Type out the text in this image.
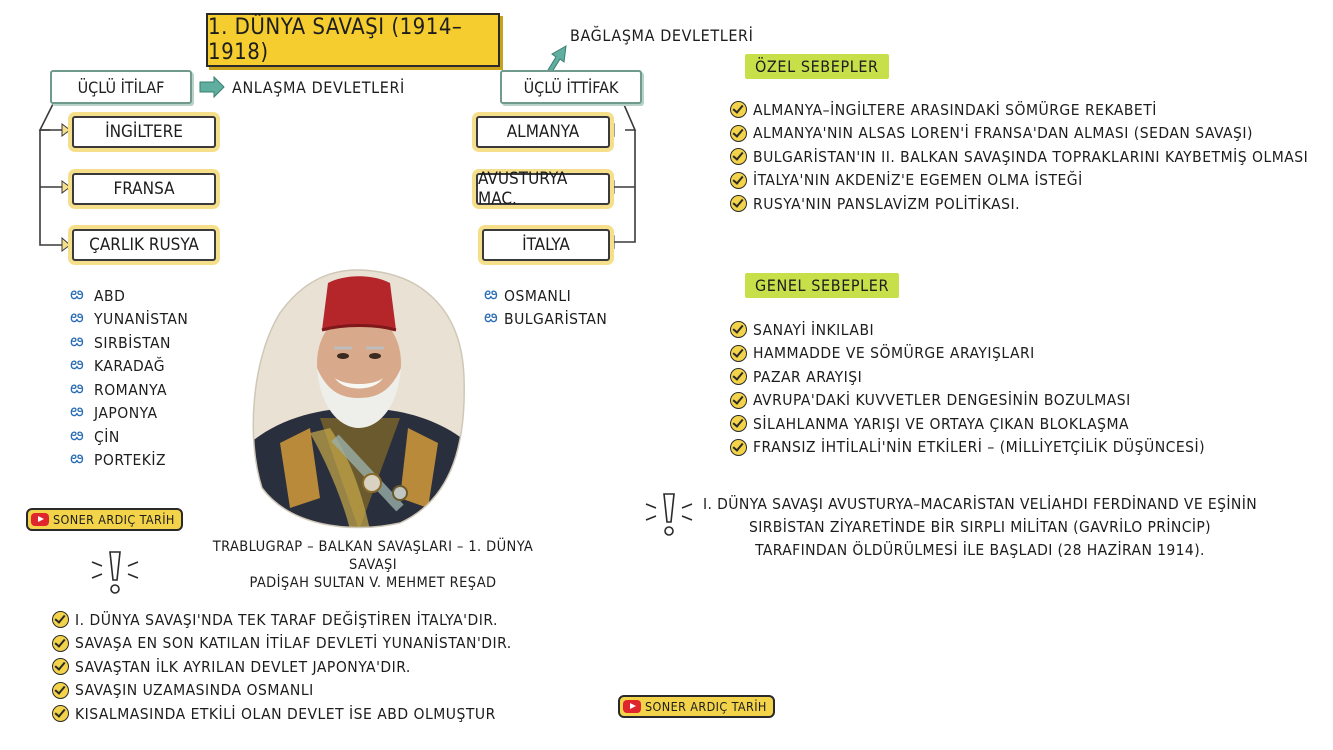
1. DÜNYA SAVAŞI (1914–1918)
ÜÇLÜ İTİLAF	ANLAŞMA DEVLETLERİ
İNGİLTERE
FRANSA
ÇARLIK RUSYA
ఴ ABD
ఴ YUNANİSTAN
ఴ SIRBİSTAN
ఴ KARADAĞ
ఴ ROMANYA
ఴ JAPONYA
ఴ ÇİN
ఴ PORTEKİZ
BAĞLAŞMA DEVLETLERİ
ÜÇLÜ İTTİFAK
ALMANYA
AVUSTURYA MAC.
İTALYA
ఴ OSMANLI
ఴ BULGARİSTAN
TRABLUGRAP – BALKAN SAVAŞLARI – 1. DÜNYA SAVAŞI
PADİŞAH SULTAN V. MEHMET REŞAD
SONER ARDIÇ TARİH
SONER ARDIÇ TARİH
I. DÜNYA SAVAŞI'NDA TEK TARAF DEĞİŞTİREN İTALYA'DIR.
SAVAŞA EN SON KATILAN İTİLAF DEVLETİ YUNANİSTAN'DIR.
SAVAŞTAN İLK AYRILAN DEVLET JAPONYA'DIR.
SAVAŞIN UZAMASINDA OSMANLI
KISALMASINDA ETKİLİ OLAN DEVLET İSE ABD OLMUŞTUR
ÖZEL SEBEPLER
ALMANYA–İNGİLTERE ARASINDAKİ SÖMÜRGE REKABETİ
ALMANYA'NIN ALSAS LOREN'İ FRANSA'DAN ALMASI (SEDAN SAVAŞI)
BULGARİSTAN'IN II. BALKAN SAVAŞINDA TOPRAKLARINI KAYBETMİŞ OLMASI
İTALYA'NIN AKDENİZ'E EGEMEN OLMA İSTEĞİ
RUSYA'NIN PANSLAVİZM POLİTİKASI.
GENEL SEBEPLER
SANAYİ İNKILABI
HAMMADDE VE SÖMÜRGE ARAYIŞLARI
PAZAR ARAYIŞI
AVRUPA'DAKİ KUVVETLER DENGESİNİN BOZULMASI
SİLAHLANMA YARIŞI VE ORTAYA ÇIKAN BLOKLAŞMA
FRANSIZ İHTİLALİ'NİN ETKİLERİ – (MİLLİYETÇİLİK DÜŞÜNCESİ)
I. DÜNYA SAVAŞI AVUSTURYA–MACARİSTAN VELİAHDI FERDİNAND VE EŞİNİN
SIRBİSTAN ZİYARETİNDE BİR SIRPLI MİLİTAN (GAVRİLO PRİNCİP)
TARAFINDAN ÖLDÜRÜLMESİ İLE BAŞLADI (28 HAZİRAN 1914).
